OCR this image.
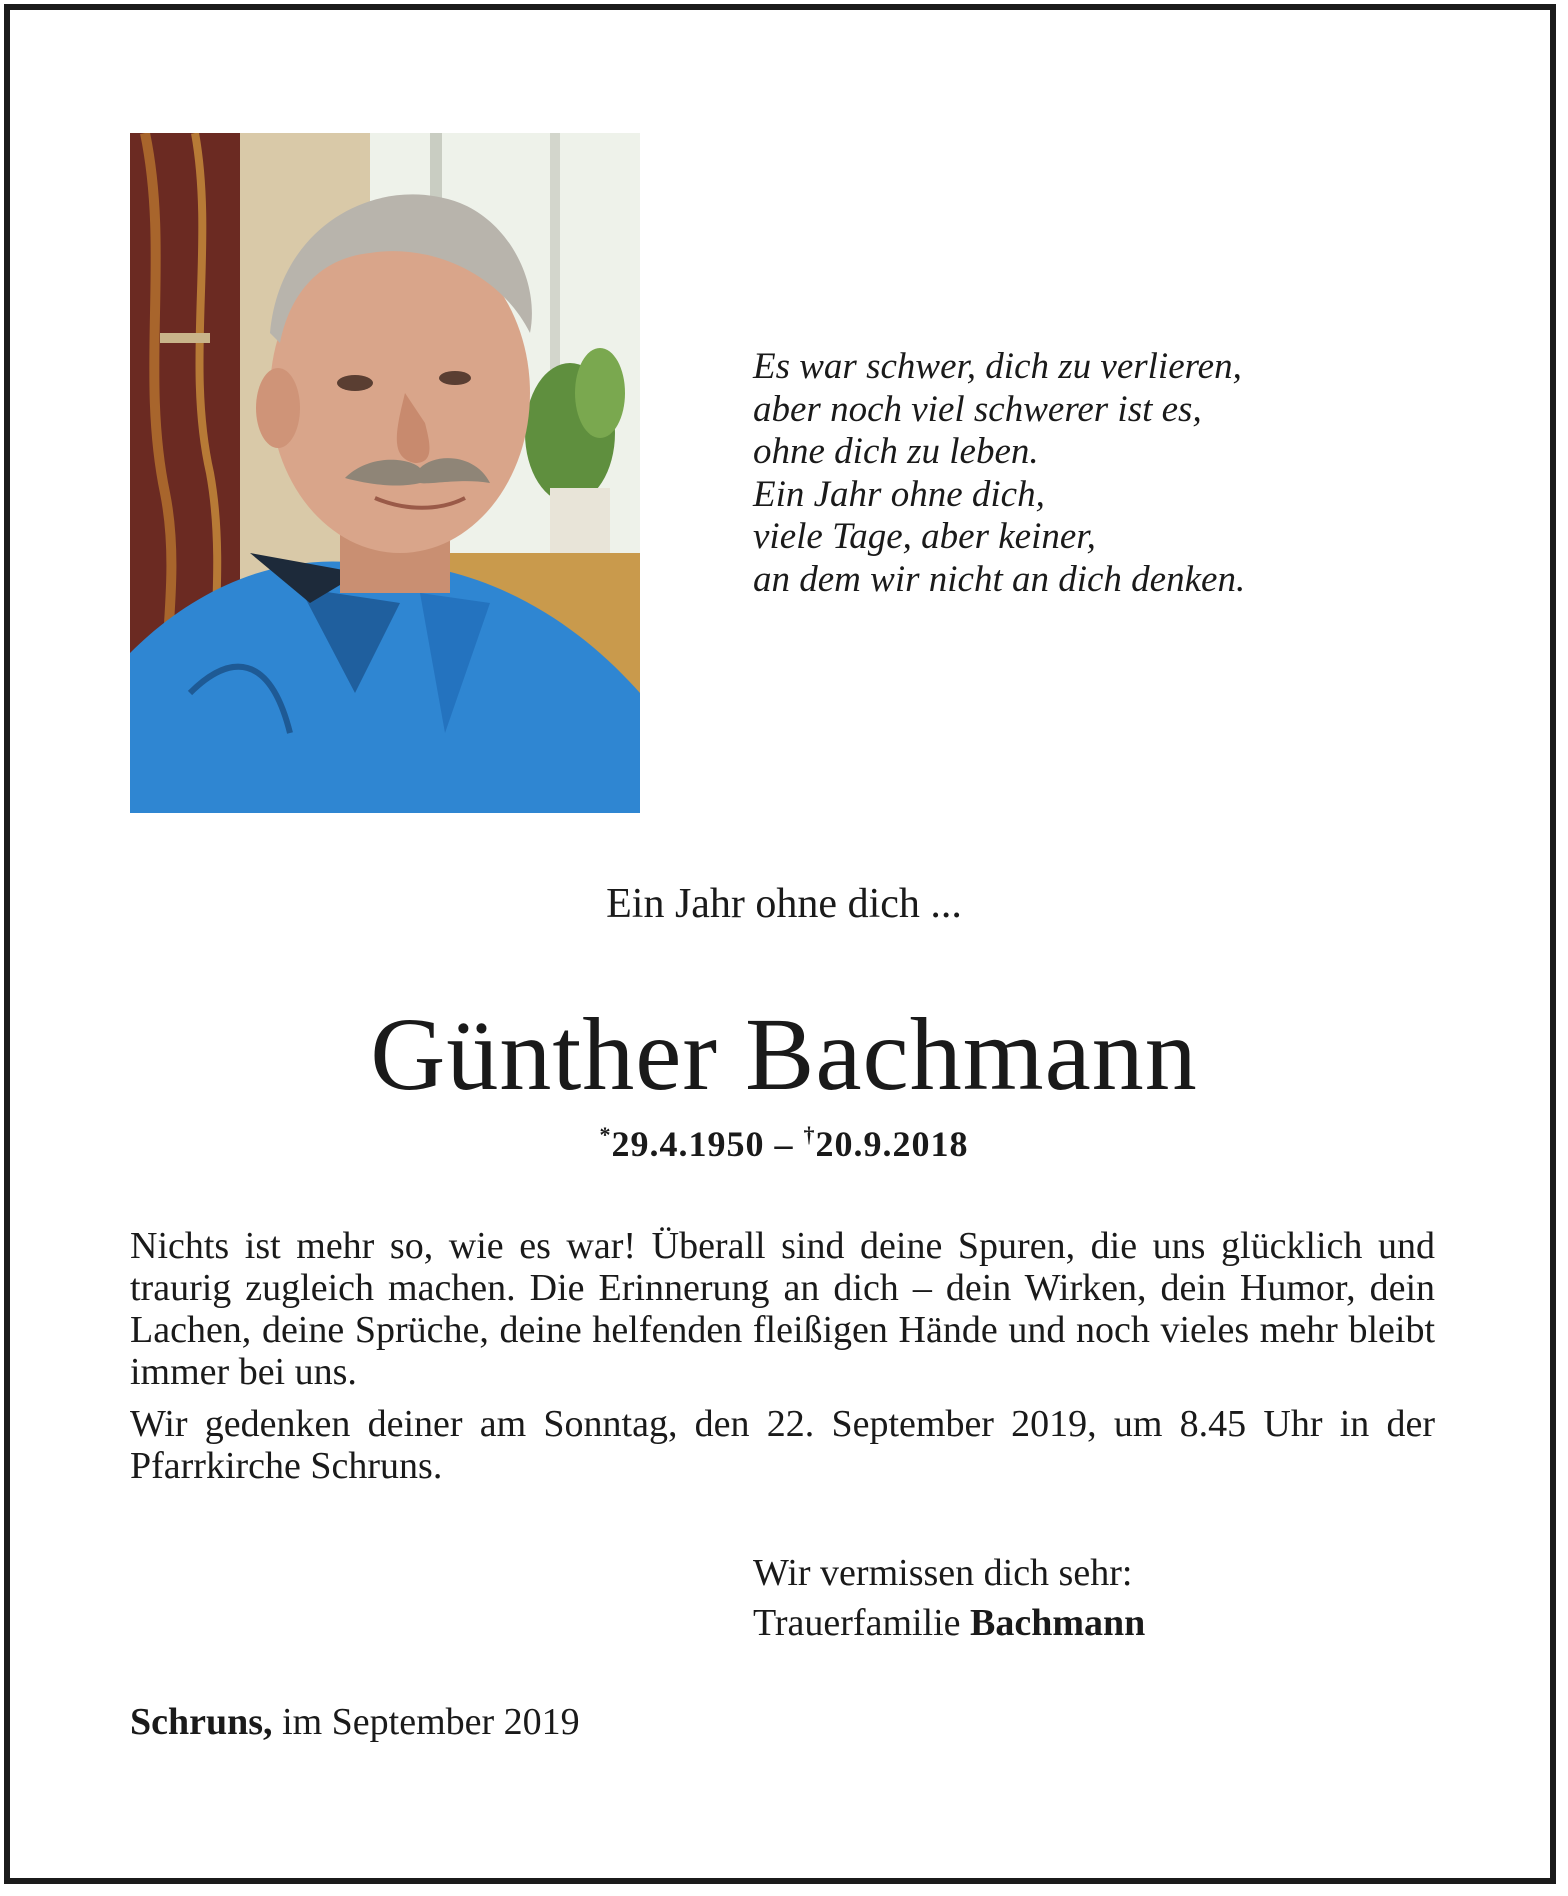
Es war schwer, dich zu verlieren,
aber noch viel schwerer ist es,
ohne dich zu leben.
Ein Jahr ohne dich,
viele Tage, aber keiner,
an dem wir nicht an dich denken.
Ein Jahr ohne dich ...
Günther Bachmann
*29.4.1950 – †20.9.2018

Nichts ist mehr so, wie es war! Überall sind deine Spuren, die uns glücklich und traurig zugleich machen. Die Erinnerung an dich – dein Wirken, dein Humor, dein Lachen, deine Sprüche, deine helfenden fleißigen Hände und noch vieles mehr bleibt immer bei uns.

Wir gedenken deiner am Sonntag, den 22. September 2019, um 8.45 Uhr in der Pfarrkirche Schruns.

Wir vermissen dich sehr:
Trauerfamilie Bachmann
Schruns, im September 2019
